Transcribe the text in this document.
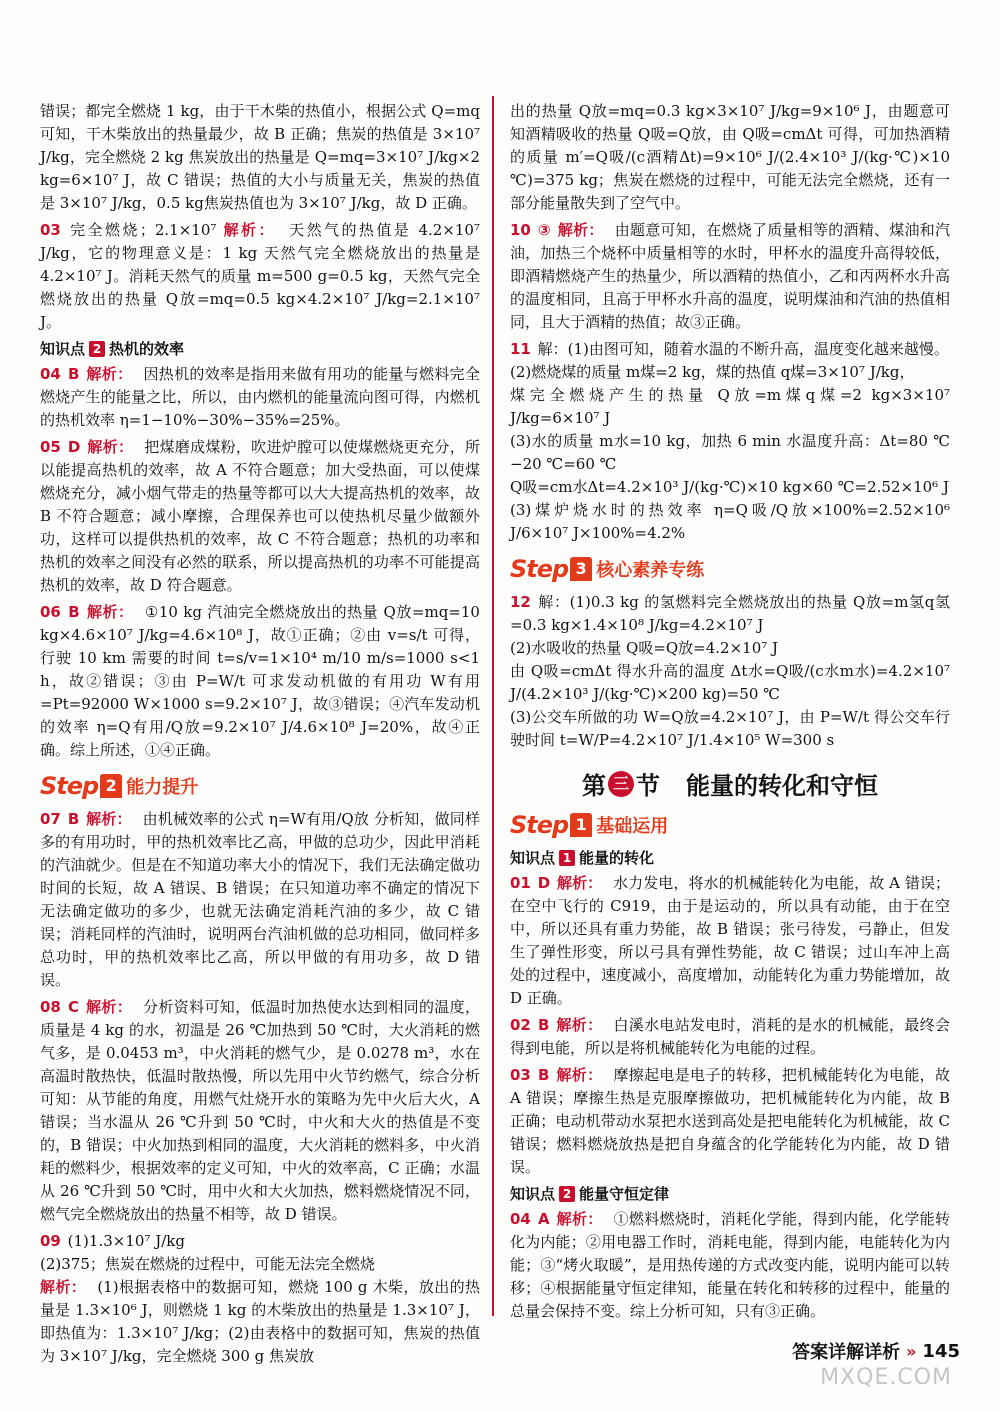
错误；都完全燃烧 1 kg，由于干木柴的热值小，根据公式 Q=mq 可知，干木柴放出的热量最少，故 B 正确；焦炭的热值是 3×10⁷ J/kg，完全燃烧 2 kg 焦炭放出的热量是 Q=mq=3×10⁷ J/kg×2 kg=6×10⁷ J，故 C 错误；热值的大小与质量无关，焦炭的热值是 3×10⁷ J/kg，0.5 kg焦炭热值也为 3×10⁷ J/kg，故 D 正确。

03 完全燃烧；2.1×10⁷ 解析： 天然气的热值是 4.2×10⁷ J/kg，它的物理意义是：1 kg 天然气完全燃烧放出的热量是4.2×10⁷ J。消耗天然气的质量 m=500 g=0.5 kg，天然气完全燃烧放出的热量 Q放=mq=0.5 kg×4.2×10⁷ J/kg=2.1×10⁷ J。

知识点 2 热机的效率

04 B 解析： 因热机的效率是指用来做有用功的能量与燃料完全燃烧产生的能量之比，所以，由内燃机的能量流向图可得，内燃机的热机效率 η=1−10%−30%−35%=25%。

05 D 解析： 把煤磨成煤粉，吹进炉膛可以使煤燃烧更充分，所以能提高热机的效率，故 A 不符合题意；加大受热面，可以使煤燃烧充分，减小烟气带走的热量等都可以大大提高热机的效率，故 B 不符合题意；减小摩擦，合理保养也可以使热机尽量少做额外功，这样可以提供热机的效率，故 C 不符合题意；热机的功率和热机的效率之间没有必然的联系，所以提高热机的功率不可能提高热机的效率，故 D 符合题意。

06 B 解析： ①10 kg 汽油完全燃烧放出的热量 Q放=mq=10 kg×4.6×10⁷ J/kg=4.6×10⁸ J，故①正确；②由 v=s/t 可得，行驶 10 km 需要的时间 t=s/v=1×10⁴ m/10 m/s=1000 s<1 h，故②错误；③由 P=W/t 可求发动机做的有用功 W有用=Pt=92000 W×1000 s=9.2×10⁷ J，故③错误；④汽车发动机的效率 η=Q有用/Q放=9.2×10⁷ J/4.6×10⁸ J=20%，故④正确。综上所述，①④正确。

Step 2 能力提升

07 B 解析： 由机械效率的公式 η=W有用/Q放 分析知，做同样多的有用功时，甲的热机效率比乙高，甲做的总功少，因此甲消耗的汽油就少。但是在不知道功率大小的情况下，我们无法确定做功时间的长短，故 A 错误、B 错误；在只知道功率不确定的情况下无法确定做功的多少，也就无法确定消耗汽油的多少，故 C 错误；消耗同样的汽油时，说明两台汽油机做的总功相同，做同样多总功时，甲的热机效率比乙高，所以甲做的有用功多，故 D 错误。

08 C 解析： 分析资料可知，低温时加热使水达到相同的温度，质量是 4 kg 的水，初温是 26 ℃加热到 50 ℃时，大火消耗的燃气多，是 0.0453 m³，中火消耗的燃气少，是 0.0278 m³，水在高温时散热快，低温时散热慢，所以先用中火节约燃气，综合分析可知：从节能的角度，用燃气灶烧开水的策略为先中火后大火，A 错误；当水温从 26 ℃升到 50 ℃时，中火和大火的热值是不变的，B 错误；中火加热到相同的温度，大火消耗的燃料多，中火消耗的燃料少，根据效率的定义可知，中火的效率高，C 正确；水温从 26 ℃升到 50 ℃时，用中火和大火加热，燃料燃烧情况不同，燃气完全燃烧放出的热量不相等，故 D 错误。

09 (1)1.3×10⁷ J/kg
(2)375；焦炭在燃烧的过程中，可能无法完全燃烧
解析： (1)根据表格中的数据可知，燃烧 100 g 木柴，放出的热量是 1.3×10⁶ J，则燃烧 1 kg 的木柴放出的热量是 1.3×10⁷ J，即热值为：1.3×10⁷ J/kg；(2)由表格中的数据可知，焦炭的热值为 3×10⁷ J/kg，完全燃烧 300 g 焦炭放

出的热量 Q放=mq=0.3 kg×3×10⁷ J/kg=9×10⁶ J，由题意可知酒精吸收的热量 Q吸=Q放，由 Q吸=cmΔt 可得，可加热酒精的质量 m′=Q吸/(c酒精Δt)=9×10⁶ J/(2.4×10³ J/(kg·℃)×10 ℃)=375 kg；焦炭在燃烧的过程中，可能无法完全燃烧，还有一部分能量散失到了空气中。

10 ③ 解析： 由题意可知，在燃烧了质量相等的酒精、煤油和汽油，加热三个烧杯中质量相等的水时，甲杯水的温度升高得较低，即酒精燃烧产生的热量少，所以酒精的热值小，乙和丙两杯水升高的温度相同，且高于甲杯水升高的温度，说明煤油和汽油的热值相同，且大于酒精的热值；故③正确。

11 解：(1)由图可知，随着水温的不断升高，温度变化越来越慢。
(2)燃烧煤的质量 m煤=2 kg，煤的热值 q煤=3×10⁷ J/kg，
煤完全燃烧产生的热量 Q放=m煤q煤=2 kg×3×10⁷ J/kg=6×10⁷ J
(3)水的质量 m水=10 kg，加热 6 min 水温度升高：Δt=80 ℃−20 ℃=60 ℃
Q吸=cm水Δt=4.2×10³ J/(kg·℃)×10 kg×60 ℃=2.52×10⁶ J
(3)煤炉烧水时的热效率 η=Q吸/Q放×100%=2.52×10⁶ J/6×10⁷ J×100%=4.2%

Step 3 核心素养专练

12 解：(1)0.3 kg 的氢燃料完全燃烧放出的热量 Q放=m氢q氢=0.3 kg×1.4×10⁸ J/kg=4.2×10⁷ J
(2)水吸收的热量 Q吸=Q放=4.2×10⁷ J
由 Q吸=cmΔt 得水升高的温度 Δt水=Q吸/(c水m水)=4.2×10⁷ J/(4.2×10³ J/(kg·℃)×200 kg)=50 ℃
(3)公交车所做的功 W=Q放=4.2×10⁷ J，由 P=W/t 得公交车行驶时间 t=W/P=4.2×10⁷ J/1.4×10⁵ W=300 s

第 三 节 能量的转化和守恒
Step 1 基础运用
知识点 1 能量的转化

01 D 解析： 水力发电，将水的机械能转化为电能，故 A 错误；在空中飞行的 C919，由于是运动的，所以具有动能，由于在空中，所以还具有重力势能，故 B 错误；张弓待发，弓静止，但发生了弹性形变，所以弓具有弹性势能，故 C 错误；过山车冲上高处的过程中，速度减小，高度增加，动能转化为重力势能增加，故 D 正确。

02 B 解析： 白溪水电站发电时，消耗的是水的机械能，最终会得到电能，所以是将机械能转化为电能的过程。

03 B 解析： 摩擦起电是电子的转移，把机械能转化为电能，故 A 错误；摩擦生热是克服摩擦做功，把机械能转化为内能，故 B 正确；电动机带动水泵把水送到高处是把电能转化为机械能，故 C 错误；燃料燃烧放热是把自身蕴含的化学能转化为内能，故 D 错误。

知识点 2 能量守恒定律

04 A 解析： ①燃料燃烧时，消耗化学能，得到内能，化学能转化为内能；②用电器工作时，消耗电能，得到内能，电能转化为内能；③“烤火取暖”，是用热传递的方式改变内能，说明内能可以转移；④根据能量守恒定律知，能量在转化和转移的过程中，能量的总量会保持不变。综上分析可知，只有③正确。

答案详解详析 » 145
MXQE.COM
